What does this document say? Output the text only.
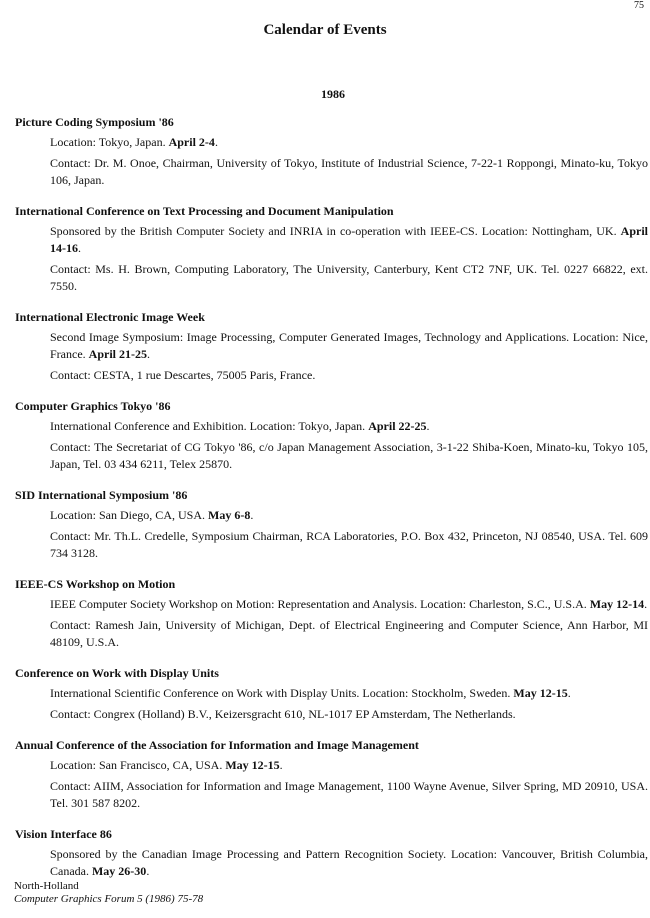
75
Calendar of Events
1986
Picture Coding Symposium '86
Location: Tokyo, Japan. April 2-4.
Contact: Dr. M. Onoe, Chairman, University of Tokyo, Institute of Industrial Science, 7-22-1 Roppongi, Minato-ku, Tokyo 106, Japan.
International Conference on Text Processing and Document Manipulation
Sponsored by the British Computer Society and INRIA in co-operation with IEEE-CS. Location: Nottingham, UK. April 14-16.
Contact: Ms. H. Brown, Computing Laboratory, The University, Canterbury, Kent CT2 7NF, UK. Tel. 0227 66822, ext. 7550.
International Electronic Image Week
Second Image Symposium: Image Processing, Computer Generated Images, Technology and Applications. Location: Nice, France. April 21-25.
Contact: CESTA, 1 rue Descartes, 75005 Paris, France.
Computer Graphics Tokyo '86
International Conference and Exhibition. Location: Tokyo, Japan. April 22-25.
Contact: The Secretariat of CG Tokyo '86, c/o Japan Management Association, 3-1-22 Shiba-Koen, Minato-ku, Tokyo 105, Japan, Tel. 03 434 6211, Telex 25870.
SID International Symposium '86
Location: San Diego, CA, USA. May 6-8.
Contact: Mr. Th.L. Credelle, Symposium Chairman, RCA Laboratories, P.O. Box 432, Princeton, NJ 08540, USA. Tel. 609 734 3128.
IEEE-CS Workshop on Motion
IEEE Computer Society Workshop on Motion: Representation and Analysis. Location: Charleston, S.C., U.S.A. May 12-14.
Contact: Ramesh Jain, University of Michigan, Dept. of Electrical Engineering and Computer Science, Ann Harbor, MI 48109, U.S.A.
Conference on Work with Display Units
International Scientific Conference on Work with Display Units. Location: Stockholm, Sweden. May 12-15.
Contact: Congrex (Holland) B.V., Keizersgracht 610, NL-1017 EP Amsterdam, The Netherlands.
Annual Conference of the Association for Information and Image Management
Location: San Francisco, CA, USA. May 12-15.
Contact: AIIM, Association for Information and Image Management, 1100 Wayne Avenue, Silver Spring, MD 20910, USA. Tel. 301 587 8202.
Vision Interface 86
Sponsored by the Canadian Image Processing and Pattern Recognition Society. Location: Vancouver, British Columbia, Canada. May 26-30.
North-Holland
Computer Graphics Forum 5 (1986) 75-78
